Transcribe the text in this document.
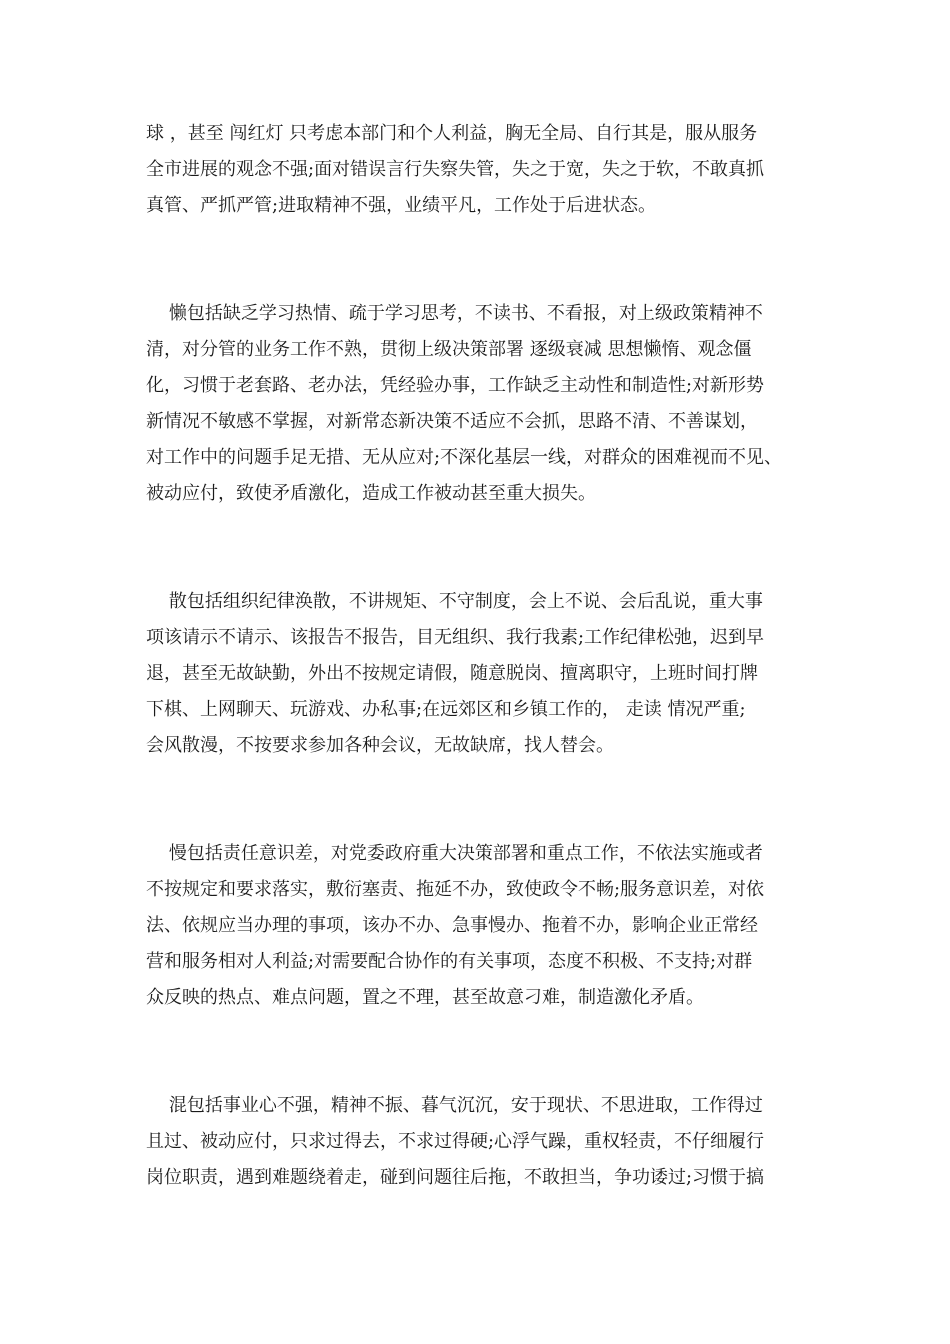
球 ，甚至 闯红灯 只考虑本部门和个人利益，胸无全局、自行其是，服从服务
全市进展的观念不强;面对错误言行失察失管，失之于宽，失之于软，不敢真抓
真管、严抓严管;进取精神不强，业绩平凡，工作处于后进状态。
懒包括缺乏学习热情、疏于学习思考，不读书、不看报，对上级政策精神不
清，对分管的业务工作不熟，贯彻上级决策部署 逐级衰减 思想懒惰、观念僵
化，习惯于老套路、老办法，凭经验办事，工作缺乏主动性和制造性;对新形势
新情况不敏感不掌握，对新常态新决策不适应不会抓，思路不清、不善谋划，
对工作中的问题手足无措、无从应对;不深化基层一线，对群众的困难视而不见、
被动应付，致使矛盾激化，造成工作被动甚至重大损失。
散包括组织纪律涣散，不讲规矩、不守制度，会上不说、会后乱说，重大事
项该请示不请示、该报告不报告，目无组织、我行我素;工作纪律松弛，迟到早
退，甚至无故缺勤，外出不按规定请假，随意脱岗、擅离职守，上班时间打牌
下棋、上网聊天、玩游戏、办私事;在远郊区和乡镇工作的， 走读 情况严重;
会风散漫，不按要求参加各种会议，无故缺席，找人替会。
慢包括责任意识差，对党委政府重大决策部署和重点工作，不依法实施或者
不按规定和要求落实，敷衍塞责、拖延不办，致使政令不畅;服务意识差，对依
法、依规应当办理的事项，该办不办、急事慢办、拖着不办，影响企业正常经
营和服务相对人利益;对需要配合协作的有关事项，态度不积极、不支持;对群
众反映的热点、难点问题，置之不理，甚至故意刁难，制造激化矛盾。
混包括事业心不强，精神不振、暮气沉沉，安于现状、不思进取，工作得过
且过、被动应付，只求过得去，不求过得硬;心浮气躁，重权轻责，不仔细履行
岗位职责，遇到难题绕着走，碰到问题往后拖，不敢担当，争功诿过;习惯于搞
